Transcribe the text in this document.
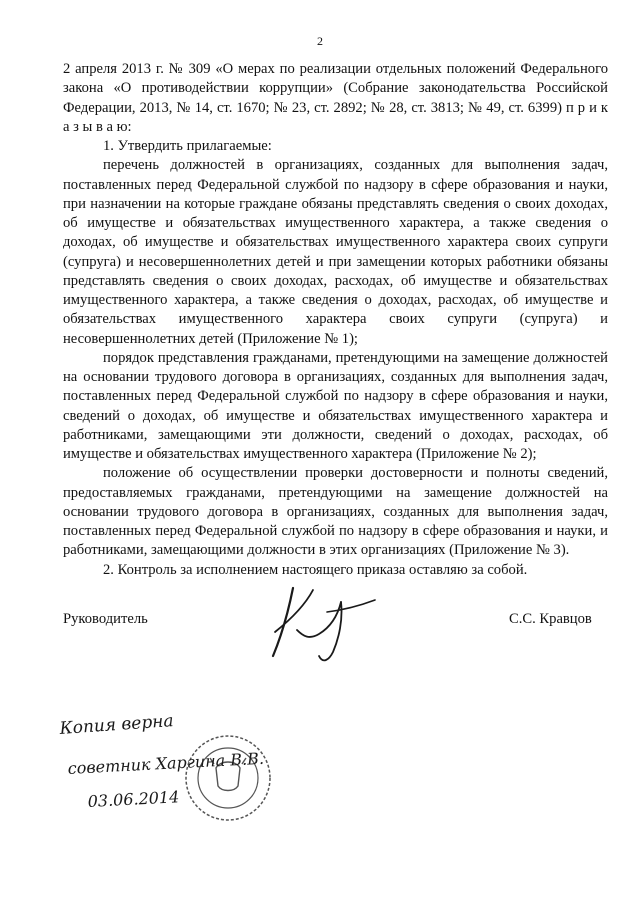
2

2 апреля 2013 г. № 309 «О мерах по реализации отдельных положений Федерального закона «О противодействии коррупции» (Собрание законодательства Российской Федерации, 2013, № 14, ст. 1670; № 23, ст. 2892; № 28, ст. 3813; № 49, ст. 6399) п р и к а з ы в а ю:

1. Утвердить прилагаемые:

перечень должностей в организациях, созданных для выполнения задач, поставленных перед Федеральной службой по надзору в сфере образования и науки, при назначении на которые граждане обязаны представлять сведения о своих доходах, об имуществе и обязательствах имущественного характера, а также сведения о доходах, об имуществе и обязательствах имущественного характера своих супруги (супруга) и несовершеннолетних детей и при замещении которых работники обязаны представлять сведения о своих доходах, расходах, об имуществе и обязательствах имущественного характера, а также сведения о доходах, расходах, об имуществе и обязательствах имущественного характера своих супруги (супруга) и несовершеннолетних детей (Приложение № 1);

порядок представления гражданами, претендующими на замещение должностей на основании трудового договора в организациях, созданных для выполнения задач, поставленных перед Федеральной службой по надзору в сфере образования и науки, сведений о доходах, об имуществе и обязательствах имущественного характера и работниками, замещающими эти должности, сведений о доходах, расходах, об имуществе и обязательствах имущественного характера (Приложение № 2);

положение об осуществлении проверки достоверности и полноты сведений, предоставляемых гражданами, претендующими на замещение должностей на основании трудового договора в организациях, созданных для выполнения задач, поставленных перед Федеральной службой по надзору в сфере образования и науки, и работниками, замещающими должности в этих организациях (Приложение № 3).

2. Контроль за исполнением настоящего приказа оставляю за собой.

Руководитель	С.С. Кравцов
Копия верна
советник Харгина В.В.
03.06.2014
